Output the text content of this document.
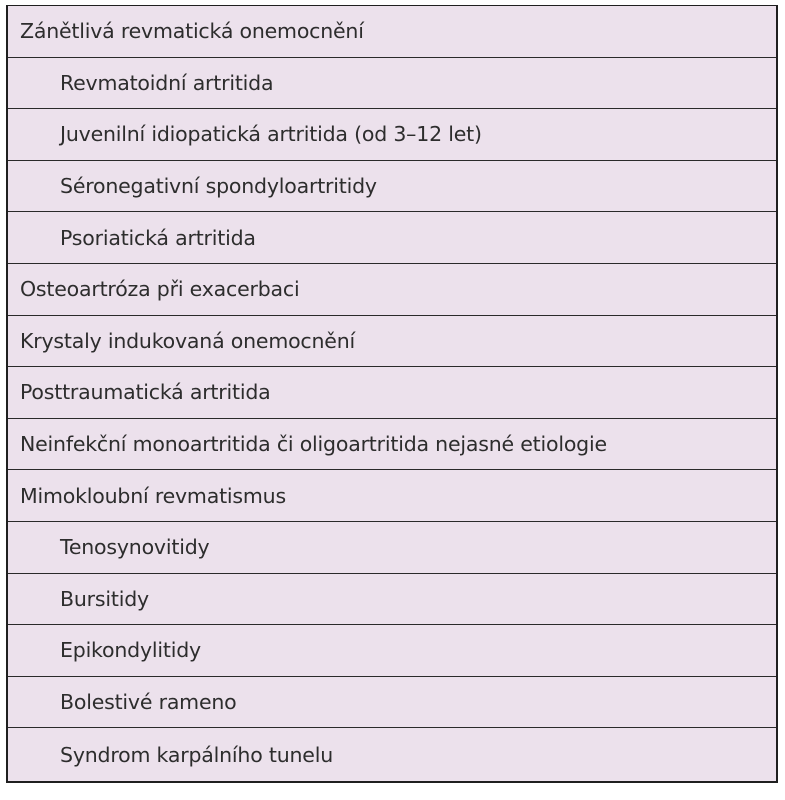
Zánětlivá revmatická onemocnění
Revmatoidní artritida
Juvenilní idiopatická artritida (od 3–12 let)
Séronegativní spondyloartritidy
Psoriatická artritida
Osteoartróza při exacerbaci
Krystaly indukovaná onemocnění
Posttraumatická artritida
Neinfekční monoartritida či oligoartritida nejasné etiologie
Mimokloubní revmatismus
Tenosynovitidy
Bursitidy
Epikondylitidy
Bolestivé rameno
Syndrom karpálního tunelu
